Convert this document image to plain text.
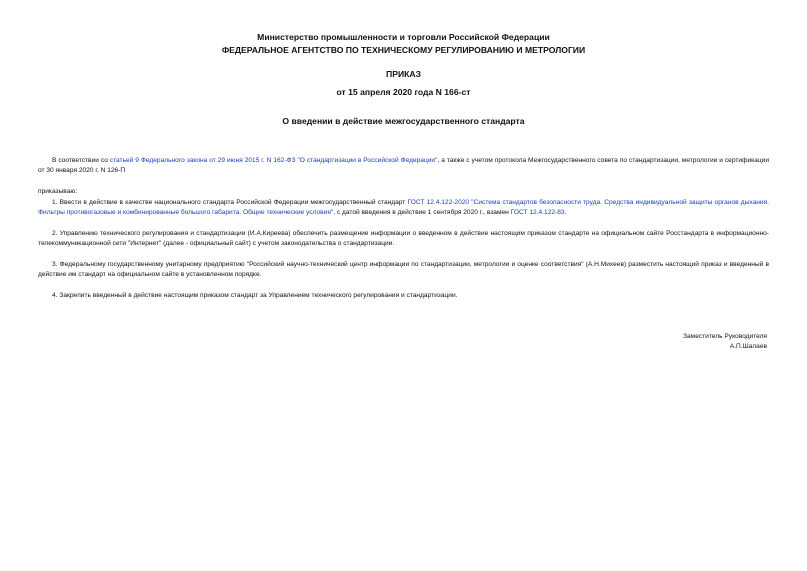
Министерство промышленности и торговли Российской Федерации
ФЕДЕРАЛЬНОЕ АГЕНТСТВО ПО ТЕХНИЧЕСКОМУ РЕГУЛИРОВАНИЮ И МЕТРОЛОГИИ
ПРИКАЗ
от 15 апреля 2020 года N 166-ст
О введении в действие межгосударственного стандарта

В соответствии со статьей 9 Федерального закона от 29 июня 2015 г. N 162-ФЗ "О стандартизации в Российской Федерации", а также с учетом протокола Межгосударственного совета по стандартизации, метрологии и сертификации от 30 января 2020 г. N 126-П

приказываю:

1. Ввести в действие в качестве национального стандарта Российской Федерации межгосударственный стандарт ГОСТ 12.4.122-2020 "Система стандартов безопасности труда. Средства индивидуальной защиты органов дыхания. Фильтры противогазовые и комбинированные большого габарита. Общие технические условия", с датой введения в действие 1 сентября 2020 г., взамен ГОСТ 12.4.122-83.

2. Управлению технического регулирования и стандартизации (И.А.Киреева) обеспечить размещение информации о введенном в действие настоящим приказом стандарте на официальном сайте Росстандарта в информационно-телекоммуникационной сети "Интернет" (далее - официальный сайт) с учетом законодательства о стандартизации.

3. Федеральному государственному унитарному предприятию "Российский научно-технический центр информации по стандартизации, метрологии и оценке соответствия" (А.Н.Михеев) разместить настоящий приказ и введенный в действие им стандарт на официальном сайте в установленном порядке.

4. Закрепить введенный в действие настоящим приказом стандарт за Управлением технического регулирования и стандартизации.

Заместитель Руководителя
А.П.Шалаев
